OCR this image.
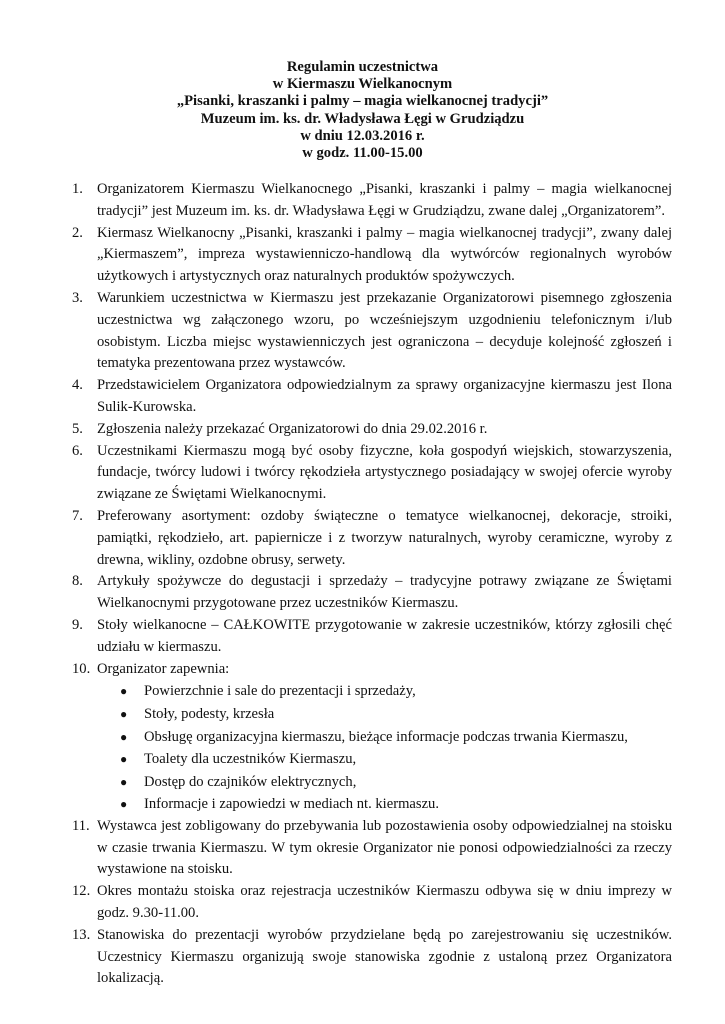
Regulamin uczestnictwa
w Kiermaszu Wielkanocnym
„Pisanki, kraszanki i palmy – magia wielkanocnej tradycji”
Muzeum im. ks. dr. Władysława Łęgi w Grudziądzu
w dniu 12.03.2016 r.
w godz. 11.00-15.00
1. Organizatorem Kiermaszu Wielkanocnego „Pisanki, kraszanki i palmy – magia wielkanocnej tradycji” jest Muzeum im. ks. dr. Władysława Łęgi w Grudziądzu, zwane dalej „Organizatorem”.
2. Kiermasz Wielkanocny „Pisanki, kraszanki i palmy – magia wielkanocnej tradycji”, zwany dalej „Kiermaszem”, impreza wystawienniczo-handlową dla wytwórców regionalnych wyrobów użytkowych i artystycznych oraz naturalnych produktów spożywczych.
3. Warunkiem uczestnictwa w Kiermaszu jest przekazanie Organizatorowi pisemnego zgłoszenia uczestnictwa wg załączonego wzoru, po wcześniejszym uzgodnieniu telefonicznym i/lub osobistym. Liczba miejsc wystawienniczych jest ograniczona – decyduje kolejność zgłoszeń i tematyka prezentowana przez wystawców.
4. Przedstawicielem Organizatora odpowiedzialnym za sprawy organizacyjne kiermaszu jest Ilona Sulik-Kurowska.
5. Zgłoszenia należy przekazać Organizatorowi do dnia 29.02.2016 r.
6. Uczestnikami Kiermaszu mogą być osoby fizyczne, koła gospodyń wiejskich, stowarzyszenia, fundacje, twórcy ludowi i twórcy rękodzieła artystycznego posiadający w swojej ofercie wyroby związane ze Świętami Wielkanocnymi.
7. Preferowany asortyment: ozdoby świąteczne o tematyce wielkanocnej, dekoracje, stroiki, pamiątki, rękodzieło, art. papiernicze i z tworzyw naturalnych, wyroby ceramiczne, wyroby z drewna, wikliny, ozdobne obrusy, serwety.
8. Artykuły spożywcze do degustacji i sprzedaży – tradycyjne potrawy związane ze Świętami Wielkanocnymi przygotowane przez uczestników Kiermaszu.
9. Stoły wielkanocne – CAŁKOWITE przygotowanie w zakresie uczestników, którzy zgłosili chęć udziału w kiermaszu.
10. Organizator zapewnia:
● Powierzchnie i sale do prezentacji i sprzedaży,
● Stoły, podesty, krzesła
● Obsługę organizacyjna kiermaszu, bieżące informacje podczas trwania Kiermaszu,
● Toalety dla uczestników Kiermaszu,
● Dostęp do czajników elektrycznych,
● Informacje i zapowiedzi w mediach nt. kiermaszu.
11. Wystawca jest zobligowany do przebywania lub pozostawienia osoby odpowiedzialnej na stoisku w czasie trwania Kiermaszu. W tym okresie Organizator nie ponosi odpowiedzialności za rzeczy wystawione na stoisku.
12. Okres montażu stoiska oraz rejestracja uczestników Kiermaszu odbywa się w dniu imprezy w godz. 9.30-11.00.
13. Stanowiska do prezentacji wyrobów przydzielane będą po zarejestrowaniu się uczestników. Uczestnicy Kiermaszu organizują swoje stanowiska zgodnie z ustaloną przez Organizatora lokalizacją.
